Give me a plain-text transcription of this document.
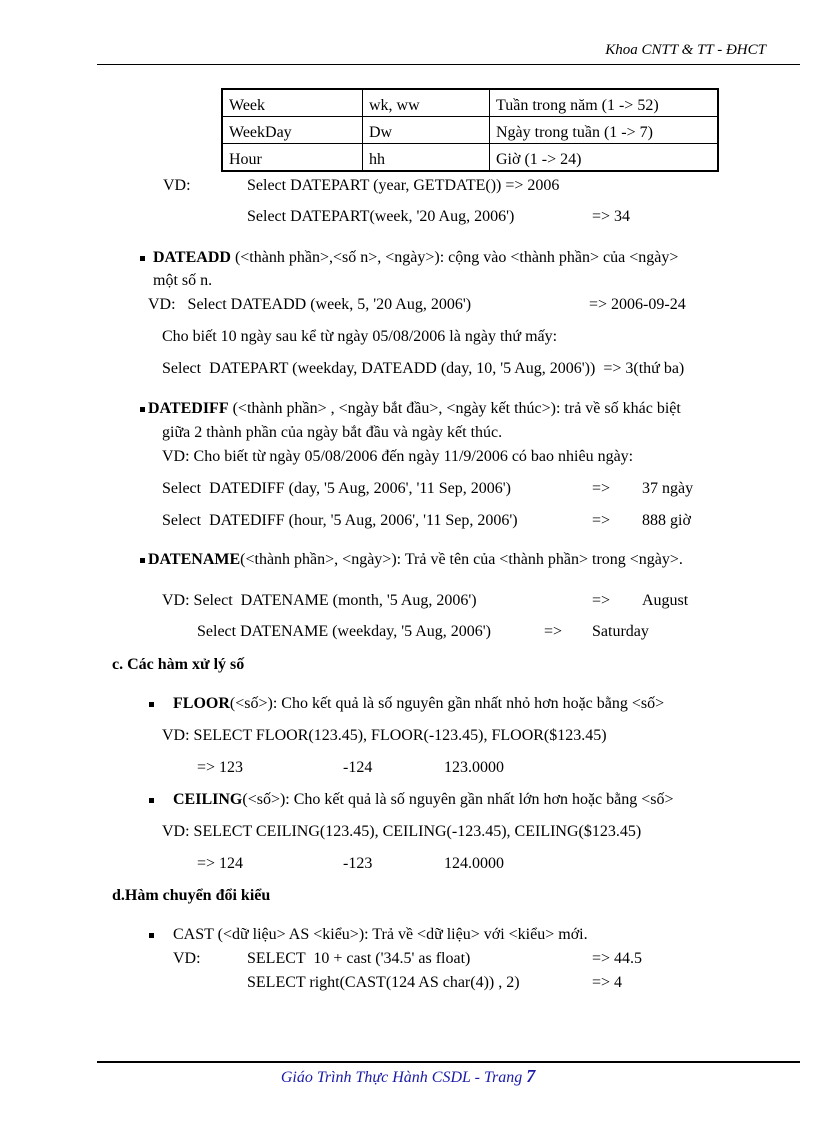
Khoa CNTT & TT - ĐHCT
Week	wk, ww	Tuần trong năm (1 -> 52)
WeekDay	Dw	Ngày trong tuần (1 -> 7)
Hour	hh	Giờ (1 -> 24)
VD:	Select DATEPART (year, GETDATE()) => 2006
Select DATEPART(week, '20 Aug, 2006')	=> 34
DATEADD (<thành phần>,<số n>, <ngày>): cộng vào <thành phần> của <ngày>
một số n.
VD:   Select DATEADD (week, 5, '20 Aug, 2006')	=> 2006-09-24
Cho biết 10 ngày sau kể từ ngày 05/08/2006 là ngày thứ mấy:
Select  DATEPART (weekday, DATEADD (day, 10, '5 Aug, 2006'))  => 3(thứ ba)
DATEDIFF (<thành phần> , <ngày bắt đầu>, <ngày kết thúc>): trả về số khác biệt
giữa 2 thành phần của ngày bắt đầu và ngày kết thúc.
VD: Cho biết từ ngày 05/08/2006 đến ngày 11/9/2006 có bao nhiêu ngày:
Select  DATEDIFF (day, '5 Aug, 2006', '11 Sep, 2006')	=> 37 ngày
Select  DATEDIFF (hour, '5 Aug, 2006', '11 Sep, 2006')	=> 888 giờ
DATENAME(<thành phần>, <ngày>): Trả về tên của <thành phần> trong <ngày>.
VD: Select  DATENAME (month, '5 Aug, 2006')	=> August
Select DATENAME (weekday, '5 Aug, 2006')	=> Saturday
c. Các hàm xử lý số
FLOOR(<số>): Cho kết quả là số nguyên gần nhất nhỏ hơn hoặc bằng <số>
VD: SELECT FLOOR(123.45), FLOOR(-123.45), FLOOR($123.45)
=> 123	-124	123.0000
CEILING(<số>): Cho kết quả là số nguyên gần nhất lớn hơn hoặc bằng <số>
VD: SELECT CEILING(123.45), CEILING(-123.45), CEILING($123.45)
=> 124	-123	124.0000
d.Hàm chuyển đổi kiểu
CAST (<dữ liệu> AS <kiểu>): Trả về <dữ liệu> với <kiểu> mới.
VD:	SELECT  10 + cast ('34.5' as float)	=> 44.5
SELECT right(CAST(124 AS char(4)) , 2)	=> 4
Giáo Trình Thực Hành CSDL - Trang 7
